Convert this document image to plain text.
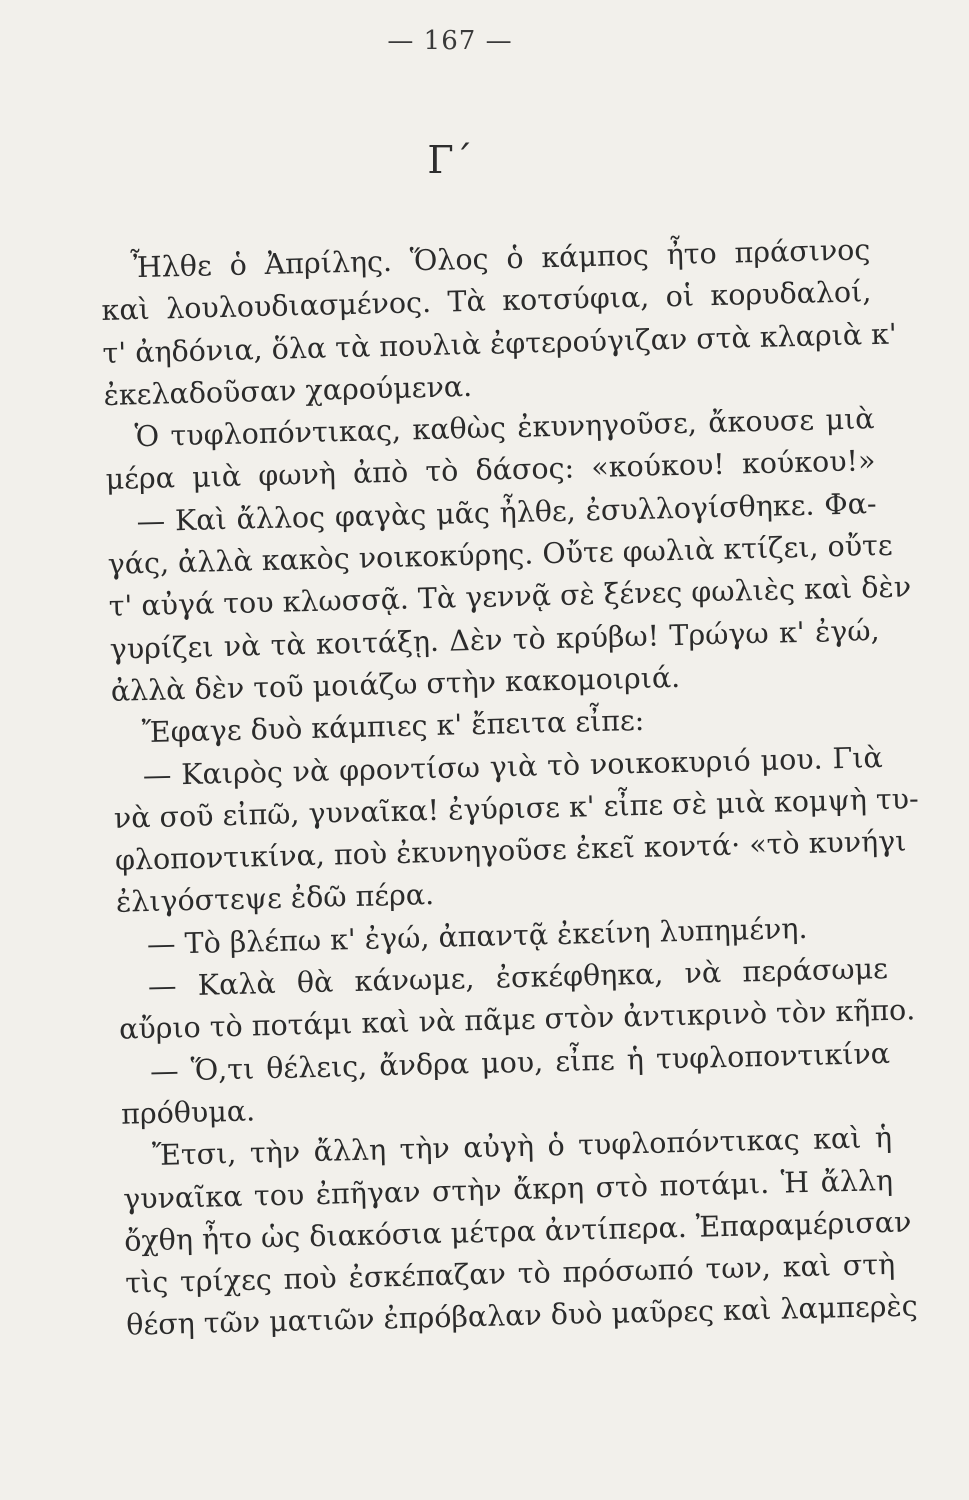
— 167 —
Γ΄
Ἦλθε ὁ Ἀπρίλης. Ὅλος ὁ κάμπος ἦτο πράσινος
καὶ λουλουδιασμένος. Τὰ κοτσύφια, οἱ κορυδαλοί,
τ' ἀηδόνια, ὅλα τὰ πουλιὰ ἐφτερούγιζαν στὰ κλαριὰ κ'
ἐκελαδοῦσαν χαρούμενα.
Ὁ τυφλοπόντικας, καθὼς ἐκυνηγοῦσε, ἄκουσε μιὰ
μέρα μιὰ φωνὴ ἀπὸ τὸ δάσος: «κούκου! κούκου!»
— Καὶ ἄλλος φαγὰς μᾶς ἦλθε, ἐσυλλογίσθηκε. Φα-
γάς, ἀλλὰ κακὸς νοικοκύρης. Οὔτε φωλιὰ κτίζει, οὔτε
τ' αὐγά του κλωσσᾷ. Τὰ γεννᾷ σὲ ξένες φωλιὲς καὶ δὲν
γυρίζει νὰ τὰ κοιτάξῃ. Δὲν τὸ κρύβω! Τρώγω κ' ἐγώ,
ἀλλὰ δὲν τοῦ μοιάζω στὴν κακομοιριά.
Ἔφαγε δυὸ κάμπιες κ' ἔπειτα εἶπε:
— Καιρὸς νὰ φροντίσω γιὰ τὸ νοικοκυριό μου. Γιὰ
νὰ σοῦ εἰπῶ, γυναῖκα! ἐγύρισε κ' εἶπε σὲ μιὰ κομψὴ τυ-
φλοποντικίνα, ποὺ ἐκυνηγοῦσε ἐκεῖ κοντά· «τὸ κυνήγι
ἐλιγόστεψε ἐδῶ πέρα.
— Τὸ βλέπω κ' ἐγώ, ἀπαντᾷ ἐκείνη λυπημένη.
— Καλὰ θὰ κάνωμε, ἐσκέφθηκα, νὰ περάσωμε
αὔριο τὸ ποτάμι καὶ νὰ πᾶμε στὸν ἀντικρινὸ τὸν κῆπο.
— Ὅ,τι θέλεις, ἄνδρα μου, εἶπε ἡ τυφλοποντικίνα
πρόθυμα.
Ἔτσι, τὴν ἄλλη τὴν αὐγὴ ὁ τυφλοπόντικας καὶ ἡ
γυναῖκα του ἐπῆγαν στὴν ἄκρη στὸ ποτάμι. Ἡ ἄλλη
ὄχθη ἦτο ὡς διακόσια μέτρα ἀντίπερα. Ἐπαραμέρισαν
τὶς τρίχες ποὺ ἐσκέπαζαν τὸ πρόσωπό των, καὶ στὴ
θέση τῶν ματιῶν ἐπρόβαλαν δυὸ μαῦρες καὶ λαμπερὲς
